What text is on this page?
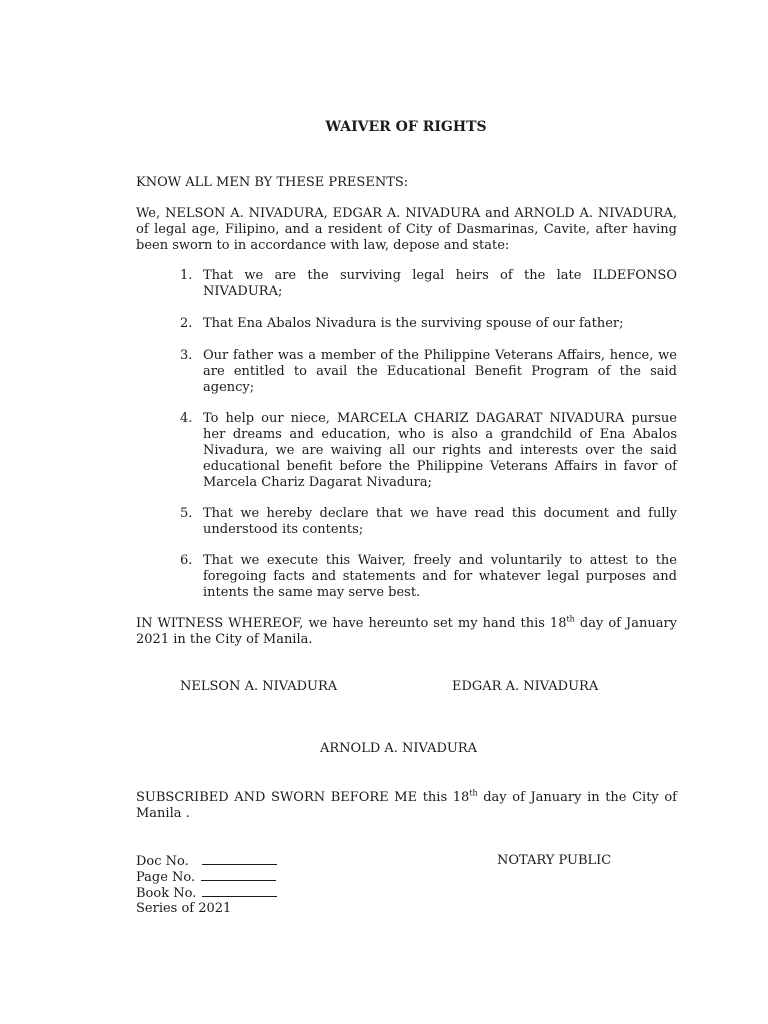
WAIVER OF RIGHTS
KNOW ALL MEN BY THESE PRESENTS:
We, NELSON A. NIVADURA, EDGAR A. NIVADURA and ARNOLD A. NIVADURA, of legal age, Filipino, and a resident of City of Dasmarinas, Cavite, after having been sworn to in accordance with law, depose and state:
1. That we are the surviving legal heirs of the late ILDEFONSO NIVADURA;
2. That Ena Abalos Nivadura is the surviving spouse of our father;
3. Our father was a member of the Philippine Veterans Affairs, hence, we are entitled to avail the Educational Benefit Program of the said agency;
4. To help our niece, MARCELA CHARIZ DAGARAT NIVADURA pursue her dreams and education, who is also a grandchild of Ena Abalos Nivadura, we are waiving all our rights and interests over the said educational benefit before the Philippine Veterans Affairs in favor of Marcela Chariz Dagarat Nivadura;
5. That we hereby declare that we have read this document and fully understood its contents;
6. That we execute this Waiver, freely and voluntarily to attest to the foregoing facts and statements and for whatever legal purposes and intents the same may serve best.
IN WITNESS WHEREOF, we have hereunto set my hand this 18th day of January 2021 in the City of Manila.
NELSON A. NIVADURA	EDGAR A. NIVADURA
ARNOLD A. NIVADURA
SUBSCRIBED AND SWORN BEFORE ME this 18th day of January in the City of Manila .
Doc No.
Page No.
Book No.
Series of 2021
NOTARY PUBLIC
